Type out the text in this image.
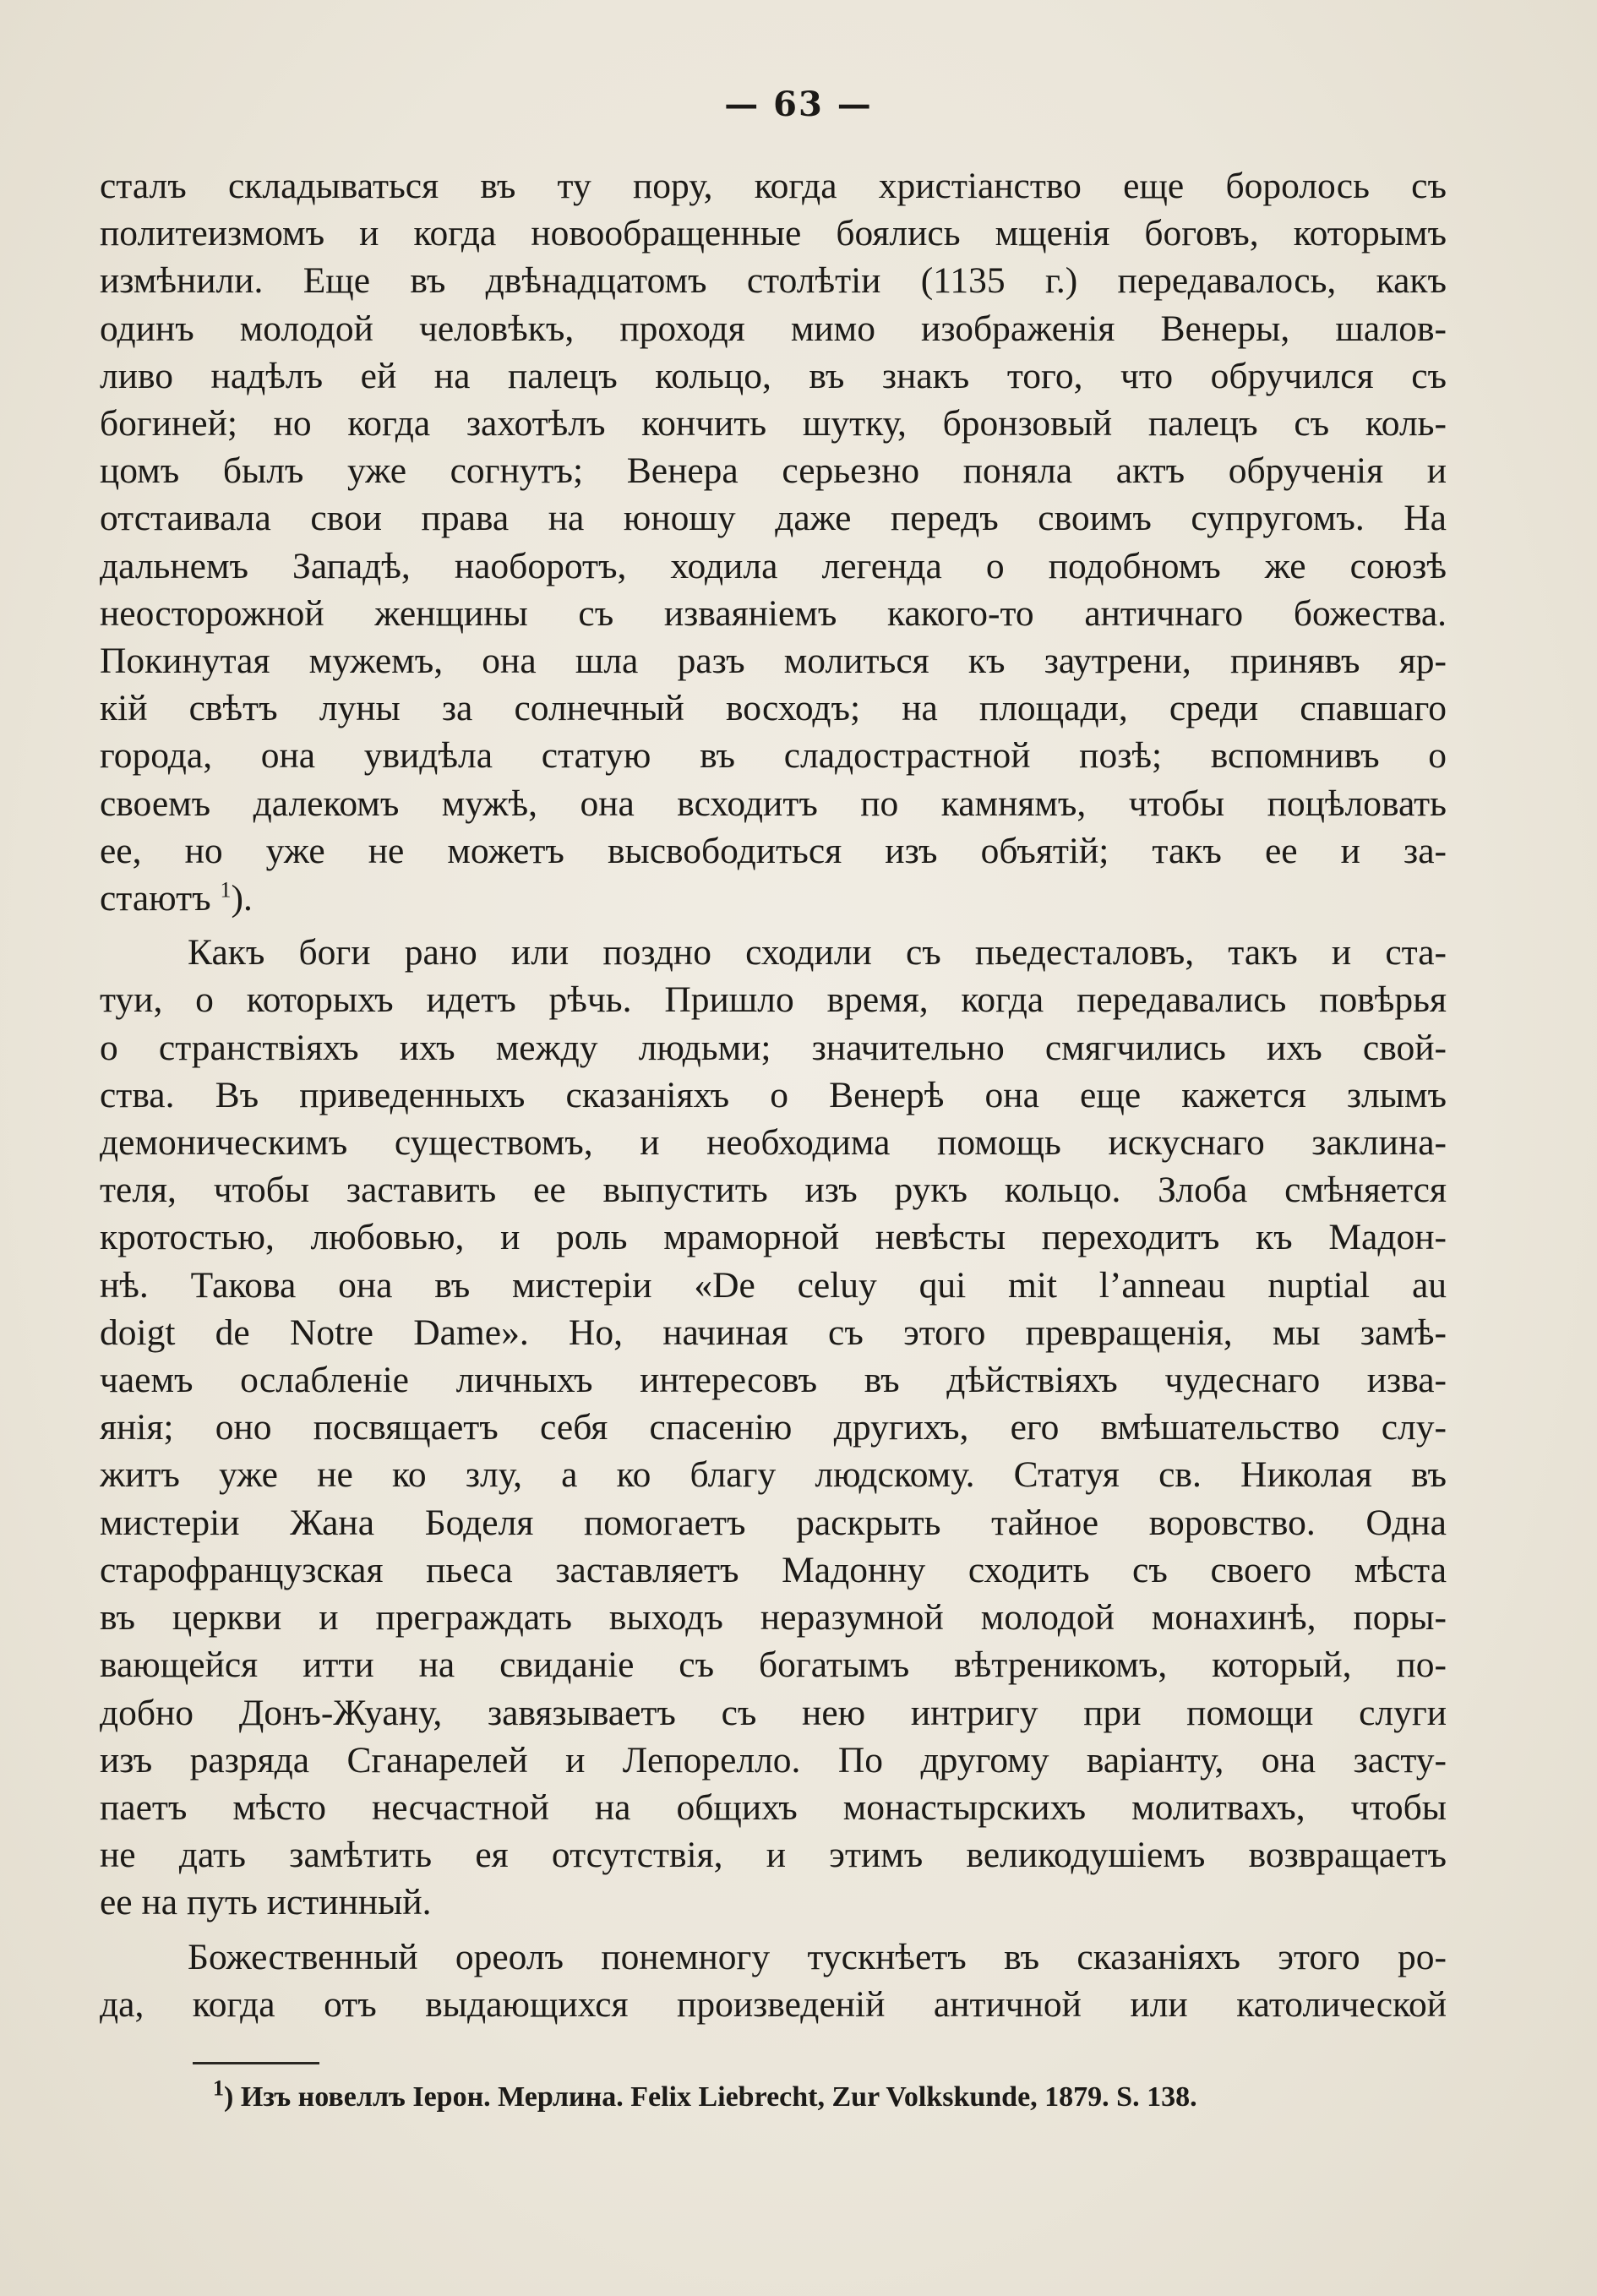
— 63 —
сталъ складываться въ ту пору, когда христіанство еще боролось съ
политеизмомъ и когда новообращенные боялись мщенія боговъ, которымъ
измѣнили. Еще въ двѣнадцатомъ столѣтіи (1135 г.) передавалось, какъ
одинъ молодой человѣкъ, проходя мимо изображенія Венеры, шалов-
ливо надѣлъ ей на палецъ кольцо, въ знакъ того, что обручился съ
богиней; но когда захотѣлъ кончить шутку, бронзовый палецъ съ коль-
цомъ былъ уже согнутъ; Венера серьезно поняла актъ обрученія и
отстаивала свои права на юношу даже передъ своимъ супругомъ. На
дальнемъ Западѣ, наоборотъ, ходила легенда о подобномъ же союзѣ
неосторожной женщины съ изваяніемъ какого-то античнаго божества.
Покинутая мужемъ, она шла разъ молиться къ заутрени, принявъ яр-
кій свѣтъ луны за солнечный восходъ; на площади, среди спавшаго
города, она увидѣла статую въ сладострастной позѣ; вспомнивъ о
своемъ далекомъ мужѣ, она всходитъ по камнямъ, чтобы поцѣловать
ее, но уже не можетъ высвободиться изъ объятій; такъ ее и за-
стаютъ $^1$).
Какъ боги рано или поздно сходили съ пьедесталовъ, такъ и ста-
туи, о которыхъ идетъ рѣчь. Пришло время, когда передавались повѣрья
о странствіяхъ ихъ между людьми; значительно смягчились ихъ свой-
ства. Въ приведенныхъ сказаніяхъ о Венерѣ она еще кажется злымъ
демоническимъ существомъ, и необходима помощь искуснаго заклина-
теля, чтобы заставить ее выпустить изъ рукъ кольцо. Злоба смѣняется
кротостью, любовью, и роль мраморной невѣсты переходитъ къ Мадон-
нѣ. Такова она въ мистеріи «De celuy qui mit l’anneau nuptial au
doigt de Notre Dame». Но, начиная съ этого превращенія, мы замѣ-
чаемъ ослабленіе личныхъ интересовъ въ дѣйствіяхъ чудеснаго изва-
янія; оно посвящаетъ себя спасенію другихъ, его вмѣшательство слу-
житъ уже не ко злу, а ко благу людскому. Статуя св. Николая въ
мистеріи Жана Боделя помогаетъ раскрыть тайное воровство. Одна
старофранцузская пьеса заставляетъ Мадонну сходить съ своего мѣста
въ церкви и преграждать выходъ неразумной молодой монахинѣ, поры-
вающейся итти на свиданіе съ богатымъ вѣтреникомъ, который, по-
добно Донъ-Жуану, завязываетъ съ нею интригу при помощи слуги
изъ разряда Сганарелей и Лепорелло. По другому варіанту, она засту-
паетъ мѣсто несчастной на общихъ монастырскихъ молитвахъ, чтобы
не дать замѣтить ея отсутствія, и этимъ великодушіемъ возвращаетъ
ее на путь истинный.
Божественный ореолъ понемногу тускнѣетъ въ сказаніяхъ этого ро-
да, когда отъ выдающихся произведеній античной или католической
$^1$) Изъ новеллъ Іерон. Мерлина. Felix Liebrecht, Zur Volkskunde, 1879. S. 138.
